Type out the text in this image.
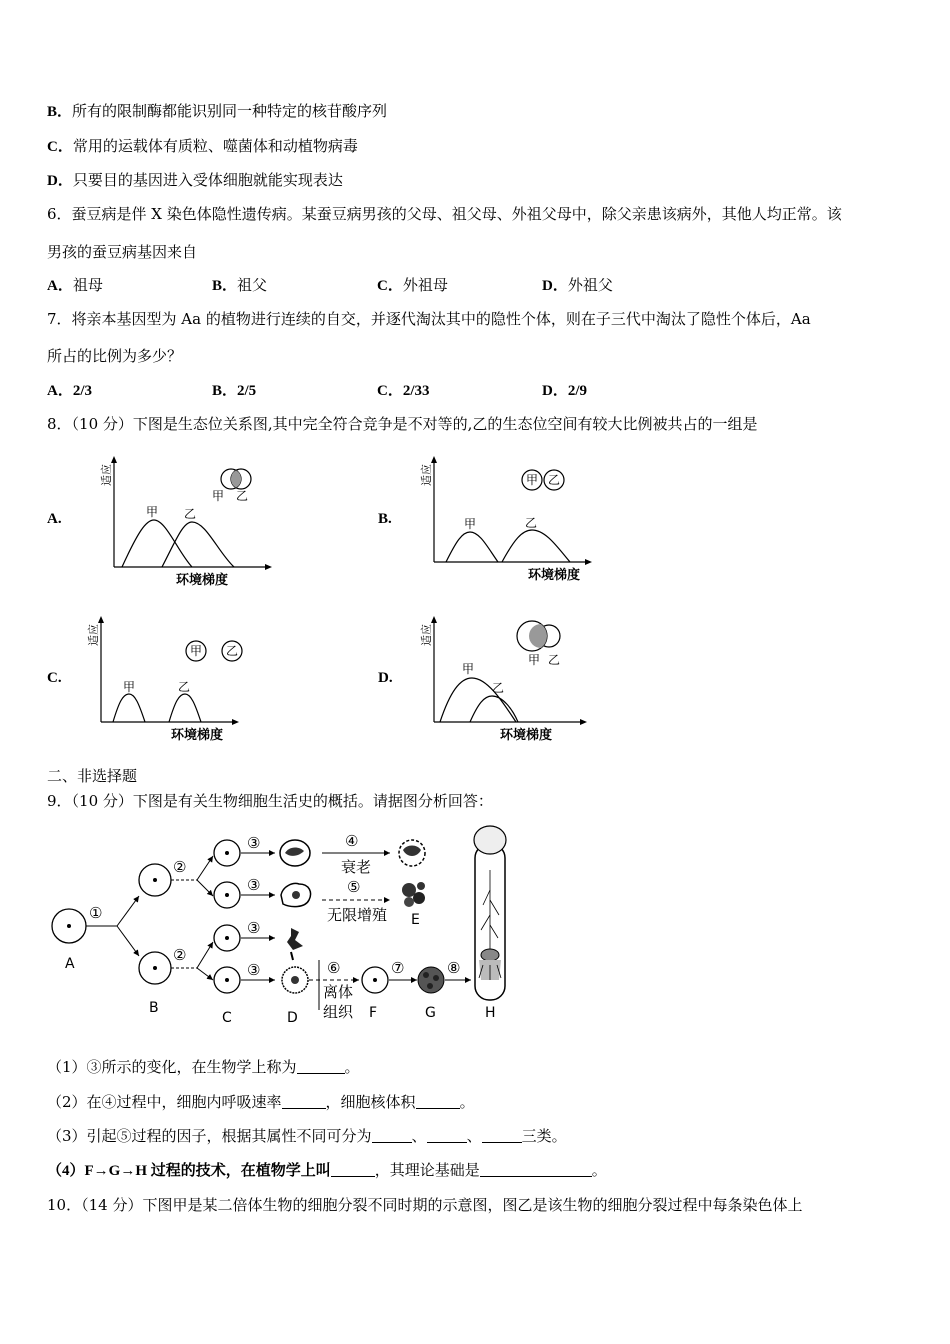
B．所有的限制酶都能识别同一种特定的核苷酸序列
C．常用的运载体有质粒、噬菌体和动植物病毒
D．只要目的基因进入受体细胞就能实现表达
6．蚕豆病是伴 X 染色体隐性遗传病。某蚕豆病男孩的父母、祖父母、外祖父母中，除父亲患该病外，其他人均正常。该
男孩的蚕豆病基因来自
A．祖母	B．祖父	C．外祖母	D．外祖父
7．将亲本基因型为 Aa 的植物进行连续的自交，并逐代淘汰其中的隐性个体，则在子三代中淘汰了隐性个体后，Aa
所占的比例为多少？
A．2/3	B．2/5	C．2/33	D．2/9
8．（10 分）下图是生态位关系图,其中完全符合竞争是不对等的,乙的生态位空间有较大比例被共占的一组是
A.
适应
甲 乙
环境梯度
甲 乙
B.
适应
甲	乙
环境梯度
甲 乙
C.
适应
甲	乙
环境梯度
甲 乙
D.
适应
甲
乙
环境梯度
甲 乙
二、非选择题
9．（10 分）下图是有关生物细胞生活史的概括。请据图分析回答：
A
①
B
②
②
C
③
③
③
③
D
④
衰老
⑤
无限增殖 E
⑥
离体
组织 F
⑦
G
⑧
H
（1）③所示的变化，在生物学上称为	。
（2）在④过程中，细胞内呼吸速率	，细胞核体积	。
（3）引起⑤过程的因子，根据其属性不同可分为	、	、	三类。
（4）F→G→H 过程的技术，在植物学上叫	，其理论基础是	。
10．（14 分）下图甲是某二倍体生物的细胞分裂不同时期的示意图，图乙是该生物的细胞分裂过程中每条染色体上
